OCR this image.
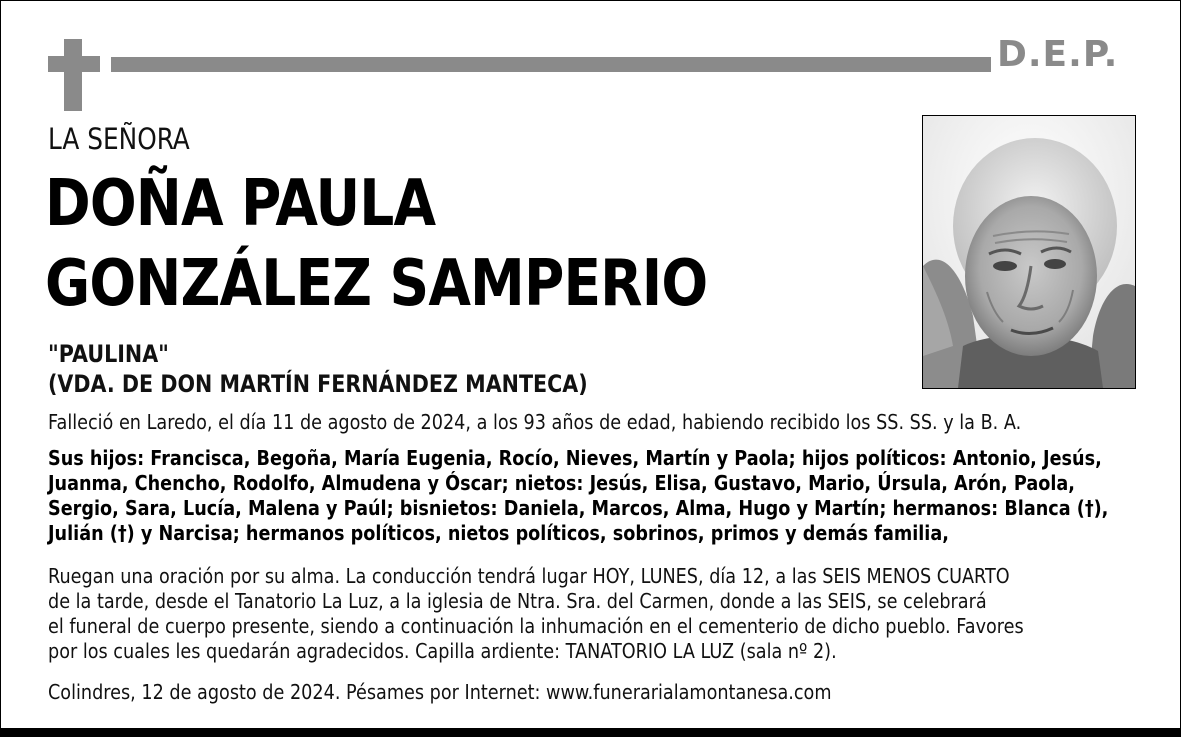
D.E.P.
LA SEÑORA
DOÑA PAULA
GONZÁLEZ SAMPERIO
"PAULINA"
(VDA. DE DON MARTÍN FERNÁNDEZ MANTECA)
Falleció en Laredo, el día 11 de agosto de 2024, a los 93 años de edad, habiendo recibido los SS. SS. y la B. A.
Sus hijos: Francisca, Begoña, María Eugenia, Rocío, Nieves, Martín y Paola; hijos políticos: Antonio, Jesús,
Juanma, Chencho, Rodolfo, Almudena y Óscar; nietos: Jesús, Elisa, Gustavo, Mario, Úrsula, Arón, Paola,
Sergio, Sara, Lucía, Malena y Paúl; bisnietos: Daniela, Marcos, Alma, Hugo y Martín; hermanos: Blanca (†),
Julián (†) y Narcisa; hermanos políticos, nietos políticos, sobrinos, primos y demás familia,
Ruegan una oración por su alma. La conducción tendrá lugar HOY, LUNES, día 12, a las SEIS MENOS CUARTO
de la tarde, desde el Tanatorio La Luz, a la iglesia de Ntra. Sra. del Carmen, donde a las SEIS, se celebrará
el funeral de cuerpo presente, siendo a continuación la inhumación en el cementerio de dicho pueblo. Favores
por los cuales les quedarán agradecidos. Capilla ardiente: TANATORIO LA LUZ (sala nº 2).
Colindres, 12 de agosto de 2024. Pésames por Internet: www.funerarialamontanesa.com
